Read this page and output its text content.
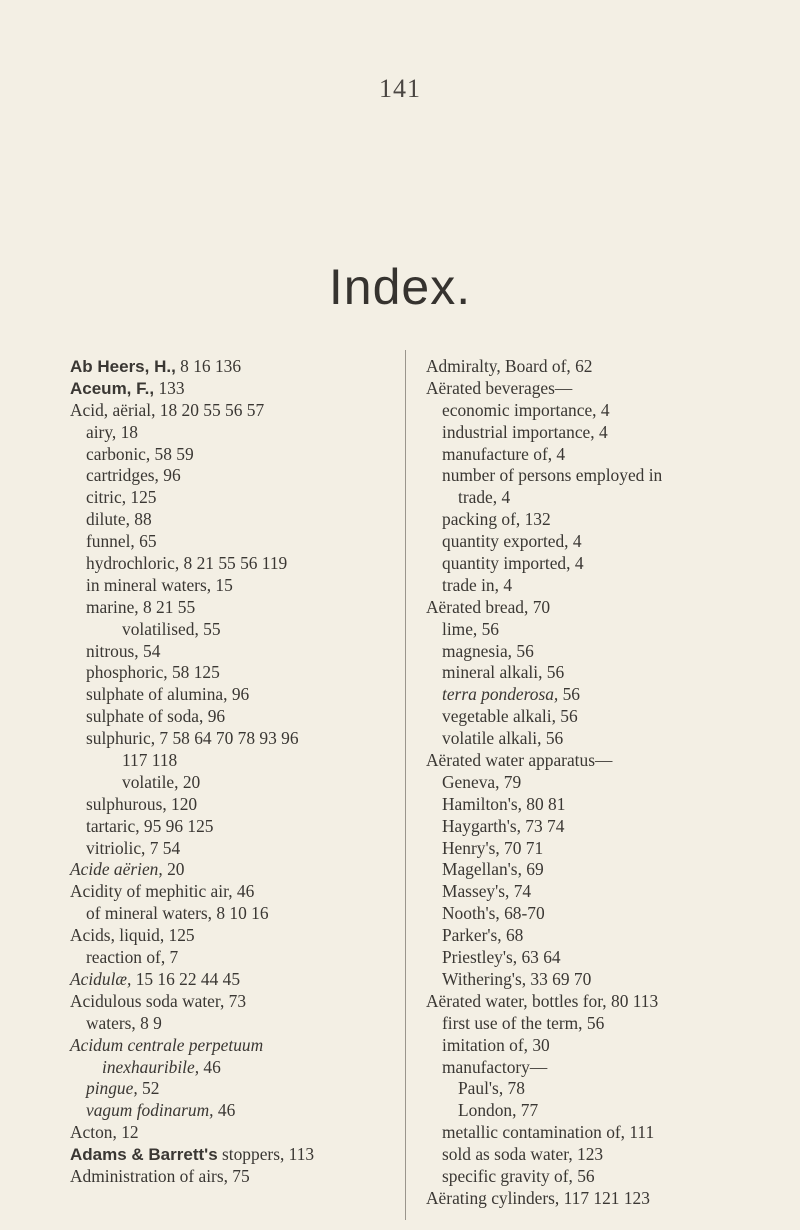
141
Index.
Ab Heers, H., 8 16 136
Aceum, F., 133
Acid, aërial, 18 20 55 56 57
airy, 18
carbonic, 58 59
cartridges, 96
citric, 125
dilute, 88
funnel, 65
hydrochloric, 8 21 55 56 119
in mineral waters, 15
marine, 8 21 55
volatilised, 55
nitrous, 54
phosphoric, 58 125
sulphate of alumina, 96
sulphate of soda, 96
sulphuric, 7 58 64 70 78 93 96
117 118
volatile, 20
sulphurous, 120
tartaric, 95 96 125
vitriolic, 7 54
Acide aërien, 20
Acidity of mephitic air, 46
of mineral waters, 8 10 16
Acids, liquid, 125
reaction of, 7
Acidulæ, 15 16 22 44 45
Acidulous soda water, 73
waters, 8 9
Acidum centrale perpetuum
inexhauribile, 46
pingue, 52
vagum fodinarum, 46
Acton, 12
Adams & Barrett's stoppers, 113
Administration of airs, 75
Admiralty, Board of, 62
Aërated beverages—
economic importance, 4
industrial importance, 4
manufacture of, 4
number of persons employed in
trade, 4
packing of, 132
quantity exported, 4
quantity imported, 4
trade in, 4
Aërated bread, 70
lime, 56
magnesia, 56
mineral alkali, 56
terra ponderosa, 56
vegetable alkali, 56
volatile alkali, 56
Aërated water apparatus—
Geneva, 79
Hamilton's, 80 81
Haygarth's, 73 74
Henry's, 70 71
Magellan's, 69
Massey's, 74
Nooth's, 68-70
Parker's, 68
Priestley's, 63 64
Withering's, 33 69 70
Aërated water, bottles for, 80 113
first use of the term, 56
imitation of, 30
manufactory—
Paul's, 78
London, 77
metallic contamination of, 111
sold as soda water, 123
specific gravity of, 56
Aërating cylinders, 117 121 123
